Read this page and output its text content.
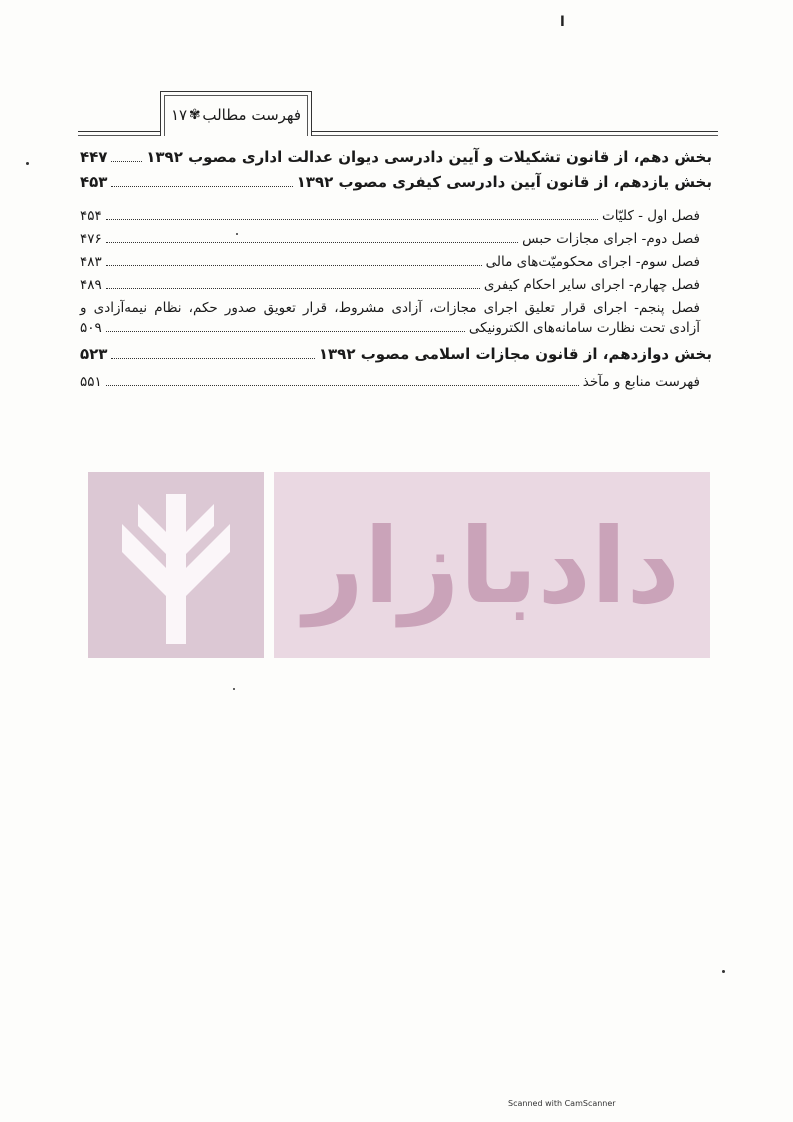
ا
۱۷ ✾ فهرست مطالب
بخش دهم، از قانون تشکیلات و آیین دادرسی دیوان عدالت اداری مصوب ۱۳۹۲
۴۴۷
بخش یازدهم، از قانون آیین دادرسی کیفری مصوب ۱۳۹۲
۴۵۳
فصل اول - کلیّات
۴۵۴
فصل دوم- اجرای مجازات حبس
۴۷۶
فصل سوم- اجرای محکومیّت‌های مالی
۴۸۳
فصل چهارم- اجرای سایر احکام کیفری
۴۸۹
فصل پنجم- اجرای قرار تعلیق اجرای مجازات، آزادی مشروط، قرار تعویق صدور حکم، نظام نیمه‌آزادی و
آزادی تحت نظارت سامانه‌های الکترونیکی
۵۰۹
بخش دوازدهم، از قانون مجازات اسلامی مصوب ۱۳۹۲
۵۲۳
فهرست منابع و مآخذ
۵۵۱
دادبازار
Scanned with CamScanner
